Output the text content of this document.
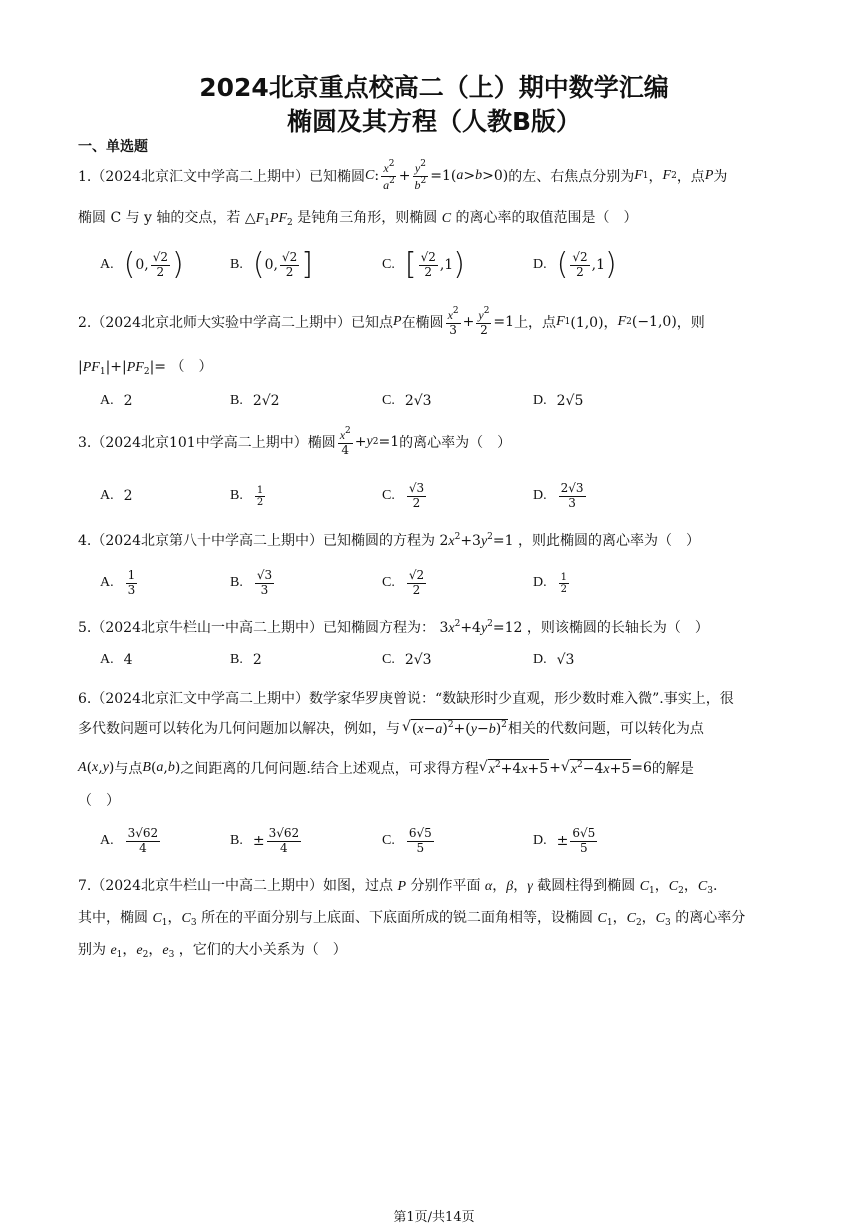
2024北京重点校高二（上）期中数学汇编
椭圆及其方程（人教B版）
一、单选题
1.（2024北京汇文中学高二上期中）已知椭圆 C : $\frac{x^2}{a^2} + \frac{y^2}{b^2} =1$( a > b >0) 的左、右焦点分别为 F 1 ， F 2 ，点 P 为
椭圆 C 与 y 轴的交点，若 $\triangle F_1PF_2$ 是钝角三角形，则椭圆 C 的离心率的取值范围是（　）
A. ( 0, $\frac{√2}{2}$ )	B. ( 0, $\frac{√2}{2}$ ]	C. [ $\frac{√2}{2} ,1$ )	D. ( $\frac{√2}{2} ,1$ )
2.（2024北京北师大实验中学高二上期中）已知点 P 在椭圆 $\frac{x^2}{3} + \frac{y^2}{2} =1$ 上，点 F 1 (1,0)， F 2 (−1,0) ，则
$|PF_1|+|PF_2|=$ （　）
A. 2	B. 2√2	C. 2√3	D. 2√5
3.（2024北京101中学高二上期中）椭圆 $\frac{x^2}{4} + y$ 2 =1 的离心率为（　）
A. 2	B. $\frac{1}{2}$	C. $\frac{√3}{2}$	D. $\frac{2√3}{3}$
4.（2024北京第八十中学高二上期中）已知椭圆的方程为 $2x^2+3y^2=1$ ，则此椭圆的离心率为（　）
A. $\frac{1}{3}$	B. $\frac{√3}{3}$	C. $\frac{√2}{2}$	D. $\frac{1}{2}$
5.（2024北京牛栏山一中高二上期中）已知椭圆方程为： $3x^2+4y^2=12$ ，则该椭圆的长轴长为（　）
A. 4	B. 2	C. 2√3	D. √3
6.（2024北京汇文中学高二上期中）数学家华罗庚曾说：“数缺形时少直观，形少数时难入微”.事实上，很
多代数问题可以转化为几何问题加以解决，例如，与 √ $(x-a)^2+(y-b)^2$ 相关的代数问题，可以转化为点
A ( x , y ) 与点 B ( a , b ) 之间距离的几何问题.结合上述观点，可求得方程 √ $x^2+4x+5$ + √ $x^2-4x+5 =6$ 的解是
（　）
A. $\frac{3√62}{4}$	B. ± $\frac{3√62}{4}$	C. $\frac{6√5}{5}$	D. ± $\frac{6√5}{5}$
7.（2024北京牛栏山一中高二上期中）如图，过点 P 分别作平面 α，β，γ 截圆柱得到椭圆 $C_1$，$C_2$，$C_3$.
其中，椭圆 $C_1$，$C_3$ 所在的平面分别与上底面、下底面所成的锐二面角相等，设椭圆 $C_1$，$C_2$，$C_3$ 的离心率分
别为 $e_1$，$e_2$，$e_3$ ，它们的大小关系为（　）
第1页/共14页
